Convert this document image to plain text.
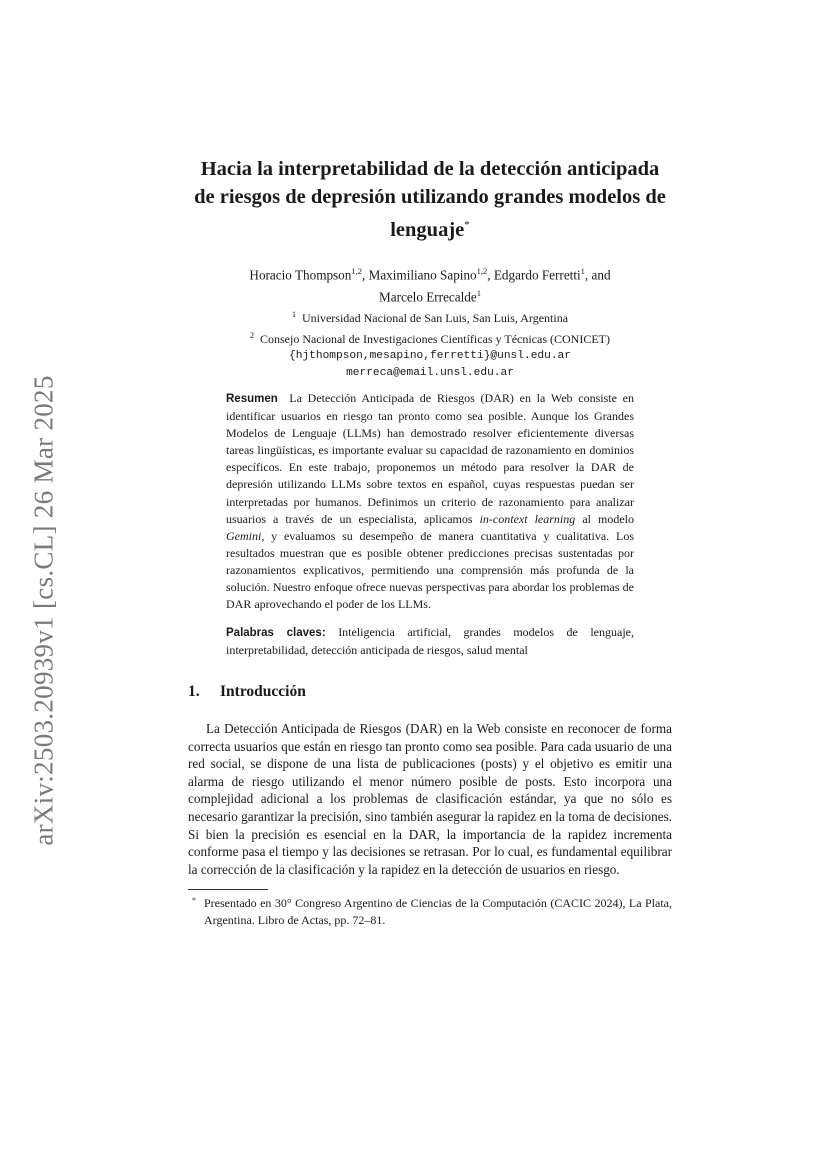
arXiv:2503.20939v1 [cs.CL] 26 Mar 2025
Hacia la interpretabilidad de la detección anticipada de riesgos de depresión utilizando grandes modelos de lenguaje*

Horacio Thompson$^{1,2}$, Maximiliano Sapino$^{1,2}$, Edgardo Ferretti$^1$, and
Marcelo Errecalde$^1$

$^1$ Universidad Nacional de San Luis, San Luis, Argentina
$^2$ Consejo Nacional de Investigaciones Científicas y Técnicas (CONICET)
{hjthompson,mesapino,ferretti}@unsl.edu.ar
merreca@email.unsl.edu.ar

Resumen La Detección Anticipada de Riesgos (DAR) en la Web consiste en identificar usuarios en riesgo tan pronto como sea posible. Aunque los Grandes Modelos de Lenguaje (LLMs) han demostrado resolver eficientemente diversas tareas lingüísticas, es importante evaluar su capacidad de razonamiento en dominios específicos. En este trabajo, proponemos un método para resolver la DAR de depresión utilizando LLMs sobre textos en español, cuyas respuestas puedan ser interpretadas por humanos. Definimos un criterio de razonamiento para analizar usuarios a través de un especialista, aplicamos in-context learning al modelo Gemini, y evaluamos su desempeño de manera cuantitativa y cualitativa. Los resultados muestran que es posible obtener predicciones precisas sustentadas por razonamientos explicativos, permitiendo una comprensión más profunda de la solución. Nuestro enfoque ofrece nuevas perspectivas para abordar los problemas de DAR aprovechando el poder de los LLMs.

Palabras claves: Inteligencia artificial, grandes modelos de lenguaje, interpretabilidad, detección anticipada de riesgos, salud mental

1. Introducción

La Detección Anticipada de Riesgos (DAR) en la Web consiste en reconocer de forma correcta usuarios que están en riesgo tan pronto como sea posible. Para cada usuario de una red social, se dispone de una lista de publicaciones (posts) y el objetivo es emitir una alarma de riesgo utilizando el menor número posible de posts. Esto incorpora una complejidad adicional a los problemas de clasificación estándar, ya que no sólo es necesario garantizar la precisión, sino también asegurar la rapidez en la toma de decisiones. Si bien la precisión es esencial en la DAR, la importancia de la rapidez incrementa conforme pasa el tiempo y las decisiones se retrasan. Por lo cual, es fundamental equilibrar la corrección de la clasificación y la rapidez en la detección de usuarios en riesgo.

* Presentado en 30° Congreso Argentino de Ciencias de la Computación (CACIC 2024), La Plata, Argentina. Libro de Actas, pp. 72–81.
